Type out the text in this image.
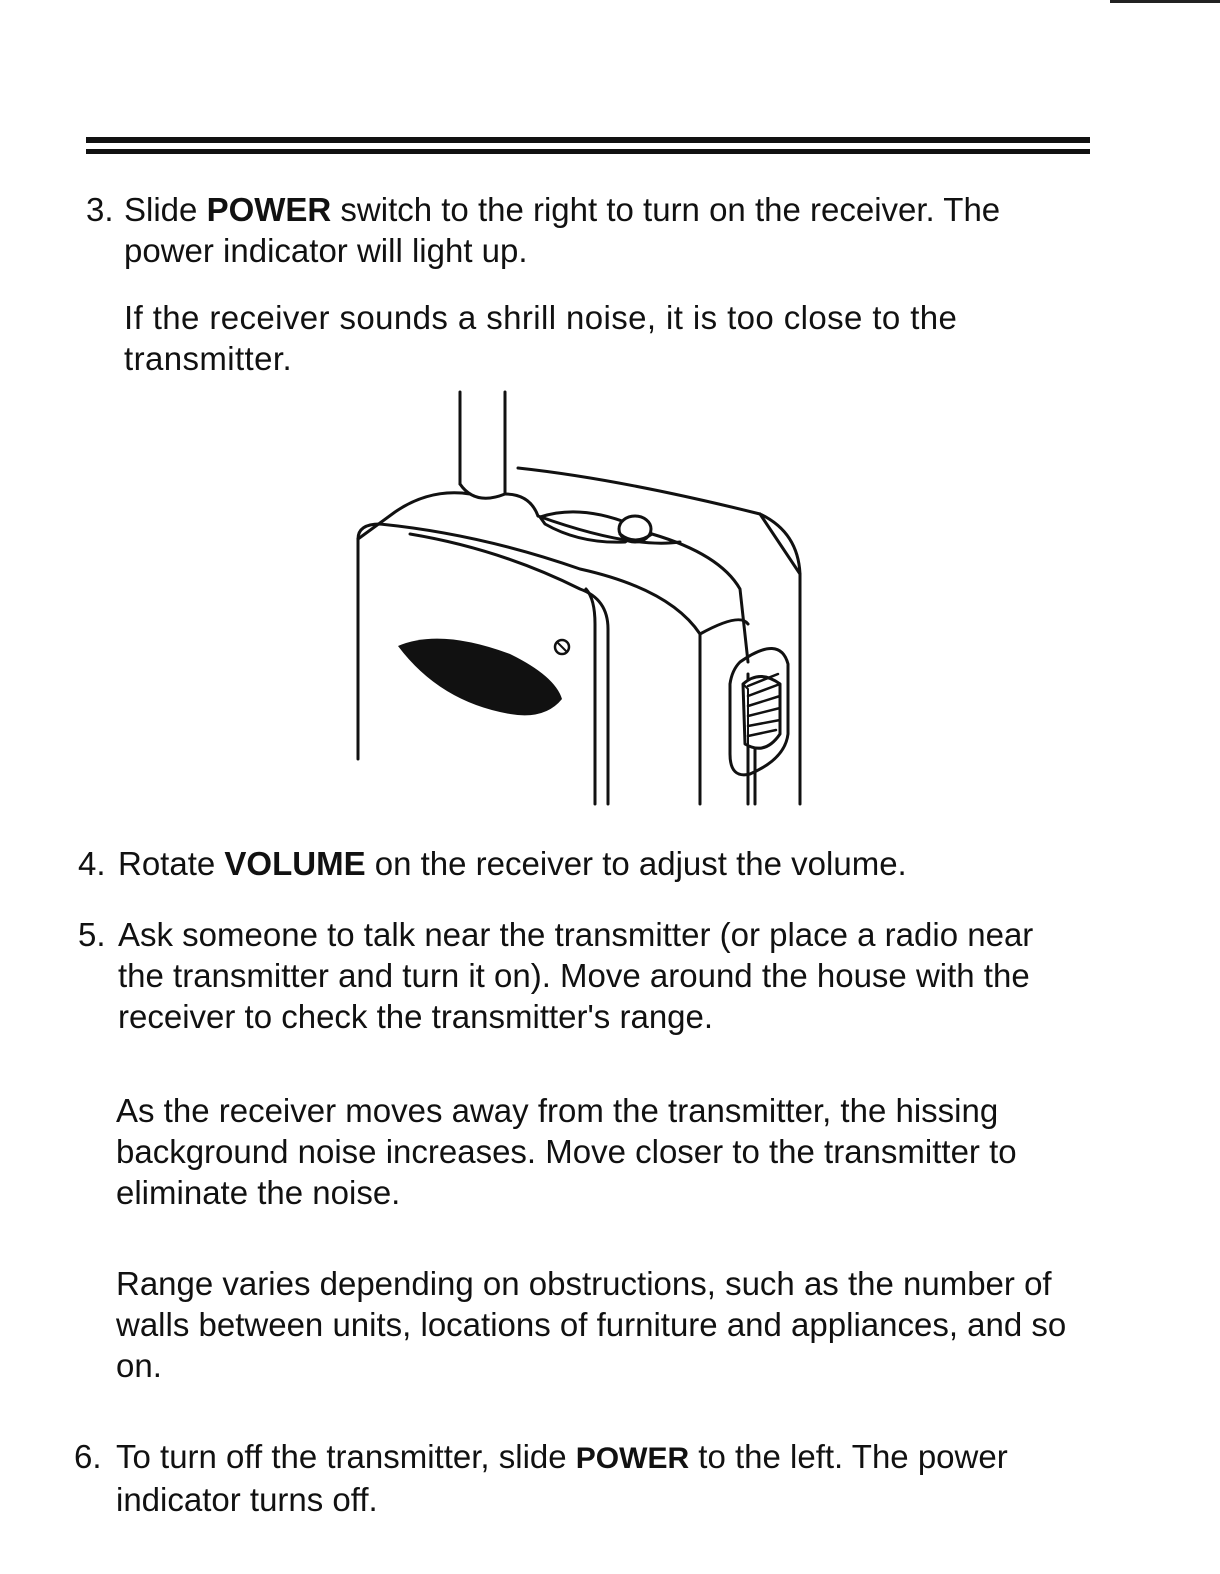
3. Slide POWER switch to the right to turn on the receiver. The power indicator will light up.
If the receiver sounds a shrill noise, it is too close to the transmitter.
4. Rotate VOLUME on the receiver to adjust the volume.
5. Ask someone to talk near the transmitter (or place a radio near the transmitter and turn it on). Move around the house with the receiver to check the transmitter's range.
As the receiver moves away from the transmitter, the hissing background noise increases. Move closer to the transmitter to eliminate the noise.
Range varies depending on obstructions, such as the number of walls between units, locations of furniture and appliances, and so on.
6. To turn off the transmitter, slide POWER to the left. The power indicator turns off.
